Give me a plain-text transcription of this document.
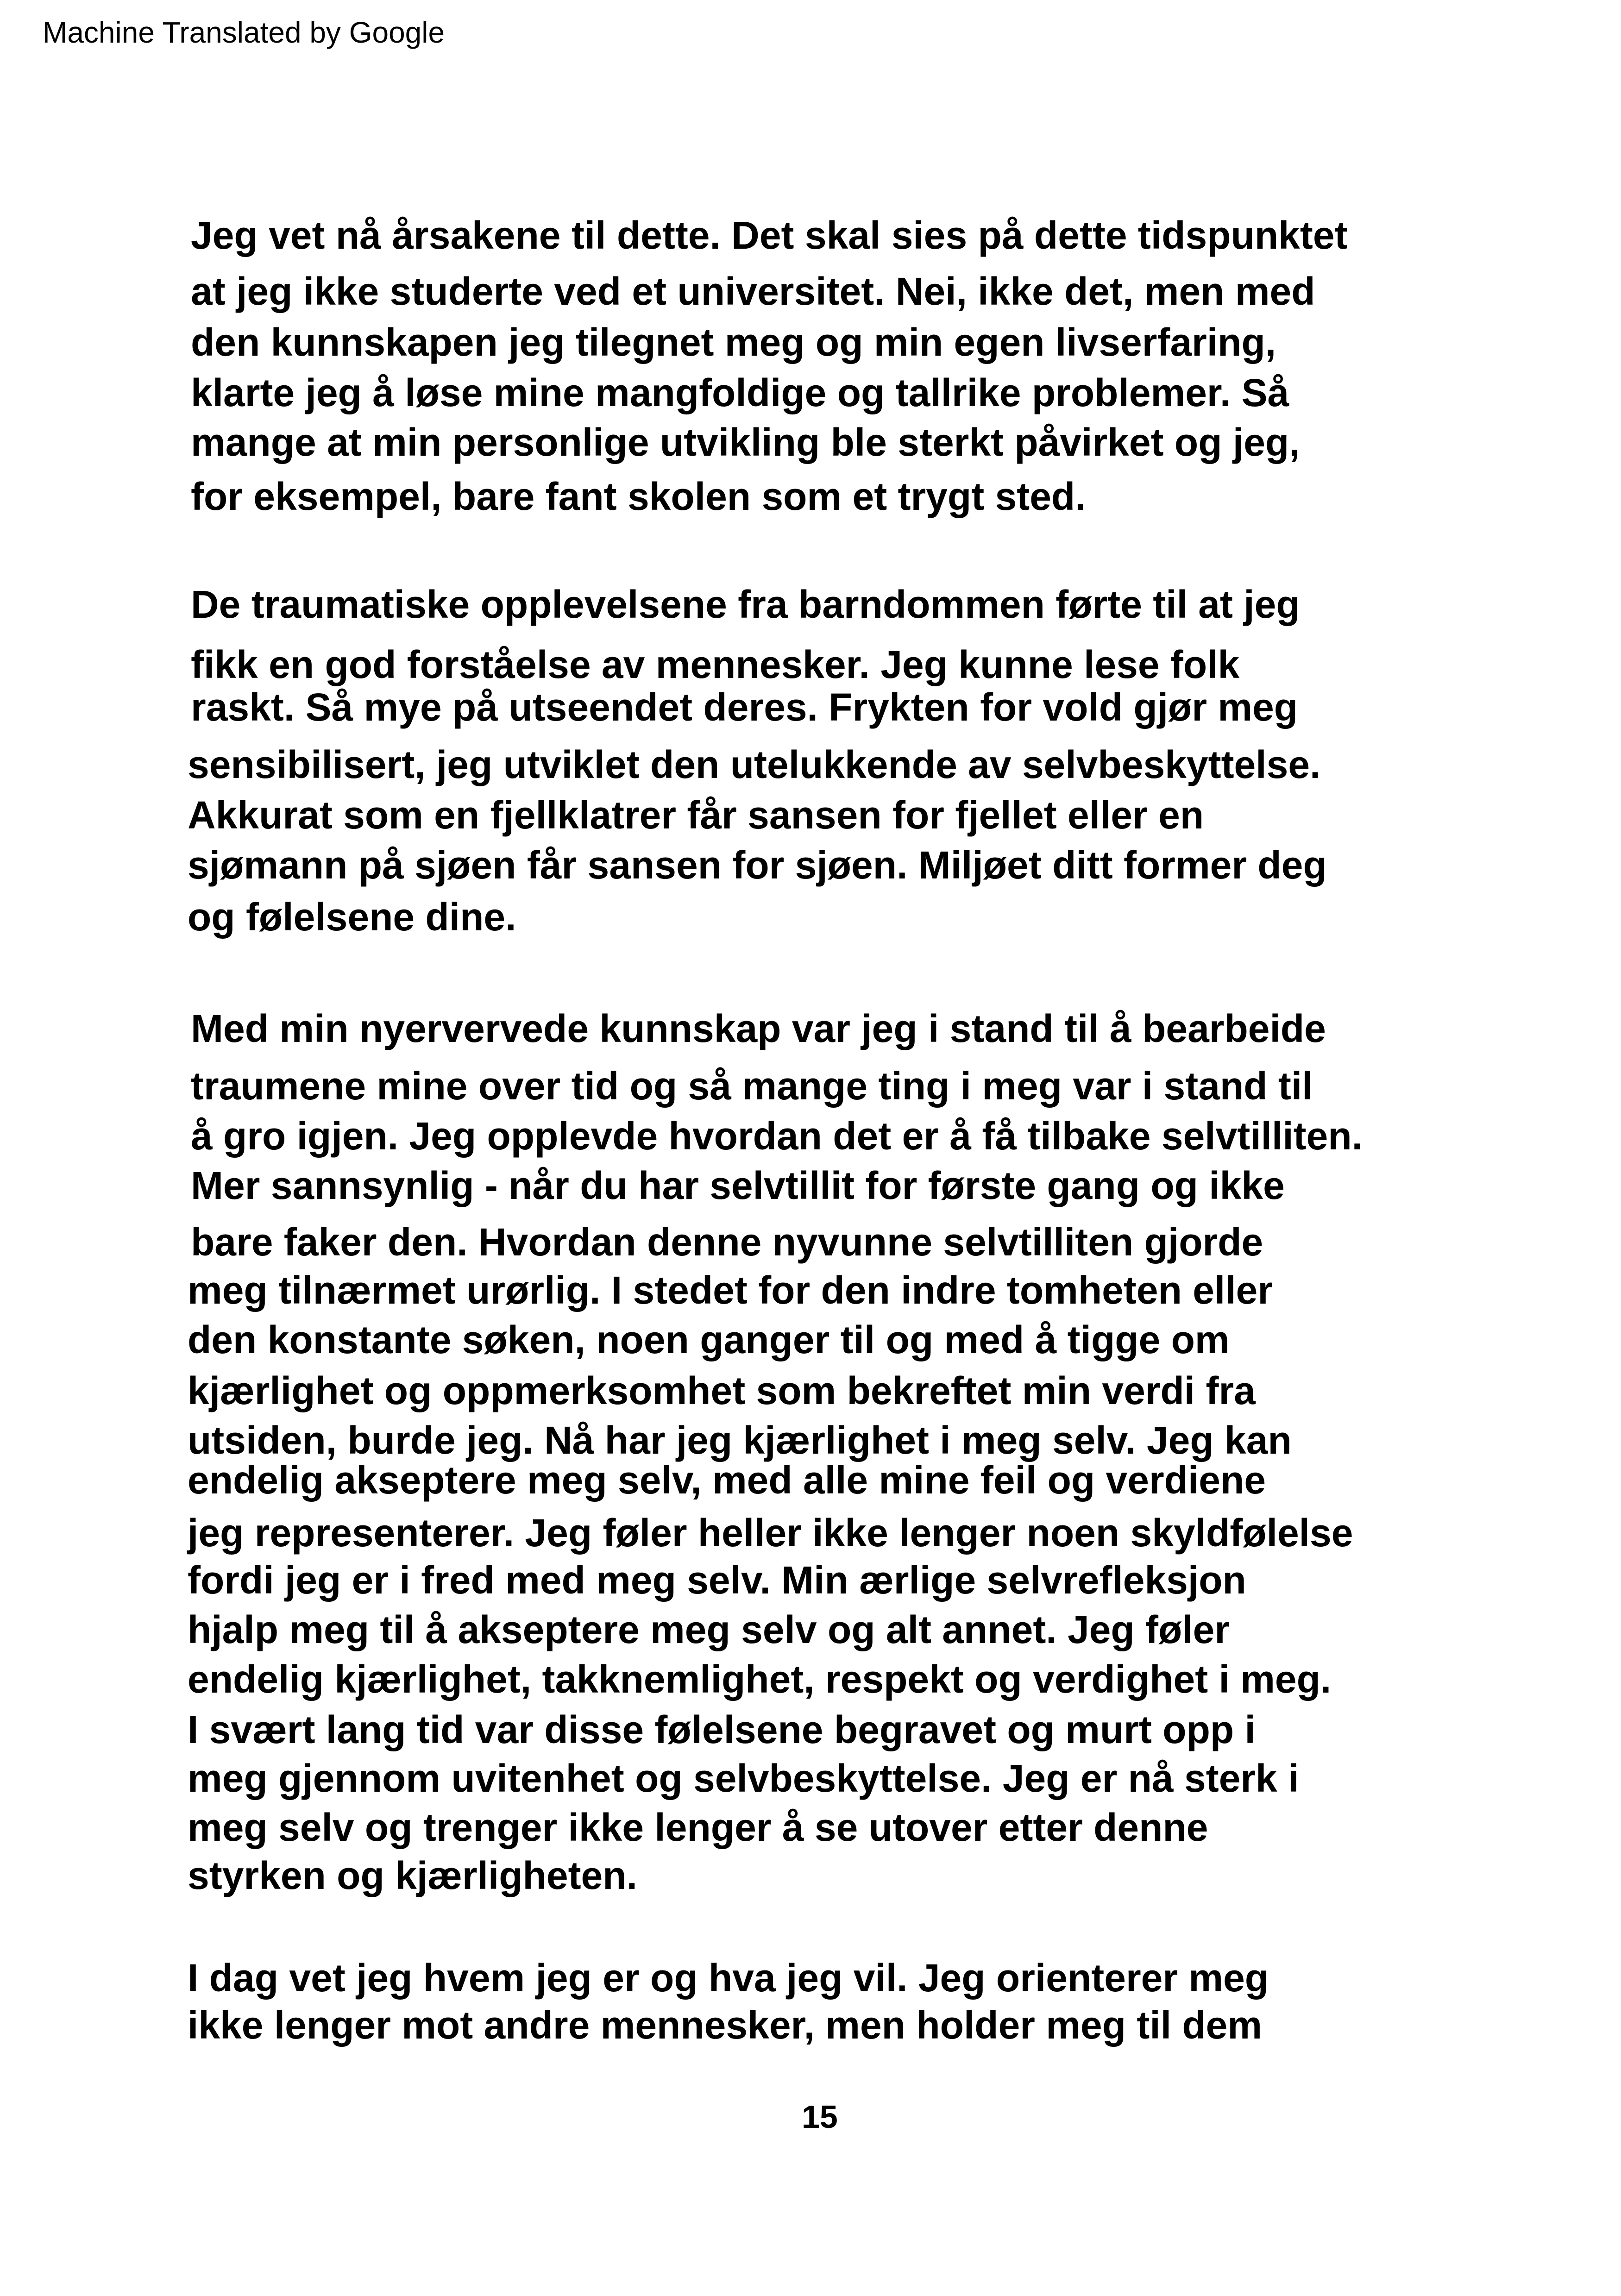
Machine Translated by Google
Jeg vet nå årsakene til dette. Det skal sies på dette tidspunktet
at jeg ikke studerte ved et universitet. Nei, ikke det, men med
den kunnskapen jeg tilegnet meg og min egen livserfaring,
klarte jeg å løse mine mangfoldige og tallrike problemer. Så
mange at min personlige utvikling ble sterkt påvirket og jeg,
for eksempel, bare fant skolen som et trygt sted.
De traumatiske opplevelsene fra barndommen førte til at jeg
fikk en god forståelse av mennesker. Jeg kunne lese folk
raskt. Så mye på utseendet deres. Frykten for vold gjør meg
sensibilisert, jeg utviklet den utelukkende av selvbeskyttelse.
Akkurat som en fjellklatrer får sansen for fjellet eller en
sjømann på sjøen får sansen for sjøen. Miljøet ditt former deg
og følelsene dine.
Med min nyervervede kunnskap var jeg i stand til å bearbeide
traumene mine over tid og så mange ting i meg var i stand til
å gro igjen. Jeg opplevde hvordan det er å få tilbake selvtilliten.
Mer sannsynlig - når du har selvtillit for første gang og ikke
bare faker den. Hvordan denne nyvunne selvtilliten gjorde
meg tilnærmet urørlig. I stedet for den indre tomheten eller
den konstante søken, noen ganger til og med å tigge om
kjærlighet og oppmerksomhet som bekreftet min verdi fra
utsiden, burde jeg. Nå har jeg kjærlighet i meg selv. Jeg kan
endelig akseptere meg selv, med alle mine feil og verdiene
jeg representerer. Jeg føler heller ikke lenger noen skyldfølelse
fordi jeg er i fred med meg selv. Min ærlige selvrefleksjon
hjalp meg til å akseptere meg selv og alt annet. Jeg føler
endelig kjærlighet, takknemlighet, respekt og verdighet i meg.
I svært lang tid var disse følelsene begravet og murt opp i
meg gjennom uvitenhet og selvbeskyttelse. Jeg er nå sterk i
meg selv og trenger ikke lenger å se utover etter denne
styrken og kjærligheten.
I dag vet jeg hvem jeg er og hva jeg vil. Jeg orienterer meg
ikke lenger mot andre mennesker, men holder meg til dem
15
